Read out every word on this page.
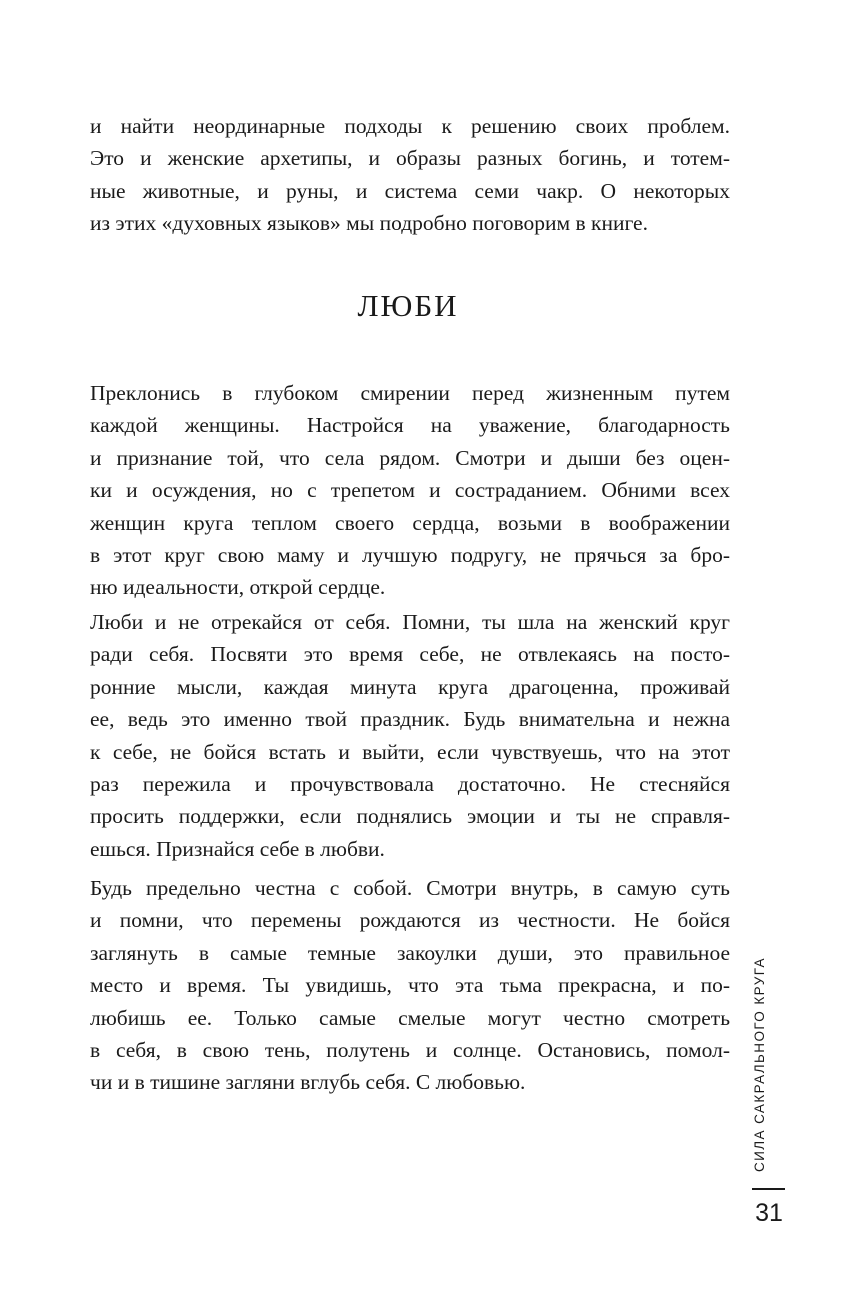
и найти неординарные подходы к решению своих проблем.
Это и женские архетипы, и образы разных богинь, и тотем-
ные животные, и руны, и система семи чакр. О некоторых
из этих «духовных языков» мы подробно поговорим в книге.
ЛЮБИ
Преклонись в глубоком смирении перед жизненным путем
каждой женщины. Настройся на уважение, благодарность
и признание той, что села рядом. Смотри и дыши без оцен-
ки и осуждения, но с трепетом и состраданием. Обними всех
женщин круга теплом своего сердца, возьми в воображении
в этот круг свою маму и лучшую подругу, не прячься за бро-
ню идеальности, открой сердце.
Люби и не отрекайся от себя. Помни, ты шла на женский круг
ради себя. Посвяти это время себе, не отвлекаясь на посто-
ронние мысли, каждая минута круга драгоценна, проживай
ее, ведь это именно твой праздник. Будь внимательна и нежна
к себе, не бойся встать и выйти, если чувствуешь, что на этот
раз пережила и прочувствовала достаточно. Не стесняйся
просить поддержки, если поднялись эмоции и ты не справля-
ешься. Признайся себе в любви.
Будь предельно честна с собой. Смотри внутрь, в самую суть
и помни, что перемены рождаются из честности. Не бойся
заглянуть в самые темные закоулки души, это правильное
место и время. Ты увидишь, что эта тьма прекрасна, и по-
любишь ее. Только самые смелые могут честно смотреть
в себя, в свою тень, полутень и солнце. Остановись, помол-
чи и в тишине загляни вглубь себя. С любовью.	СИЛА САКРАЛЬНОГО КРУГА
31
